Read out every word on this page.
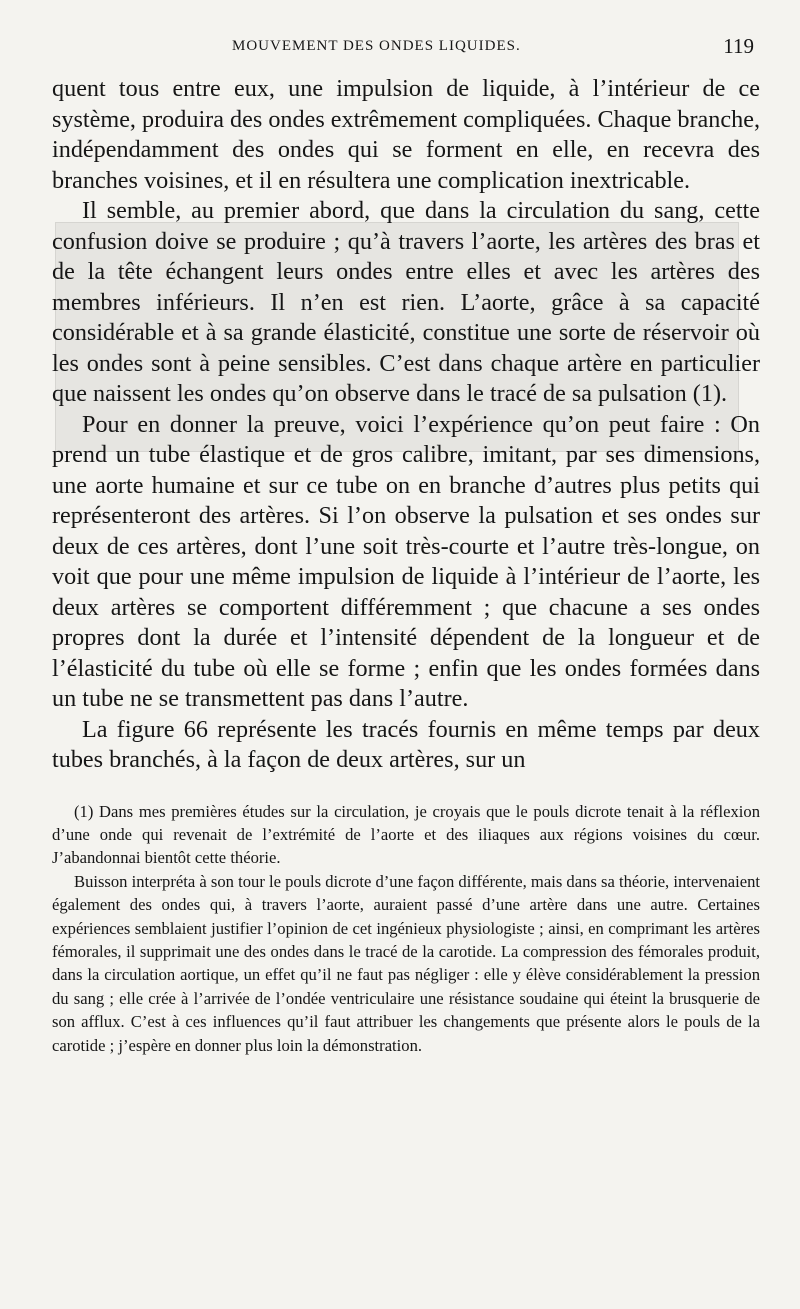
MOUVEMENT DES ONDES LIQUIDES.	119

quent tous entre eux, une impulsion de liquide, à l’intérieur de ce système, produira des ondes extrêmement compliquées. Chaque branche, indépendamment des ondes qui se forment en elle, en recevra des branches voisines, et il en résultera une complication inextricable.

Il semble, au premier abord, que dans la circulation du sang, cette confusion doive se produire ; qu’à travers l’aorte, les artères des bras et de la tête échangent leurs ondes entre elles et avec les artères des membres inférieurs. Il n’en est rien. L’aorte, grâce à sa capacité considérable et à sa grande élasticité, constitue une sorte de réservoir où les ondes sont à peine sensibles. C’est dans chaque artère en particulier que naissent les ondes qu’on observe dans le tracé de sa pulsation (1).

Pour en donner la preuve, voici l’expérience qu’on peut faire : On prend un tube élastique et de gros calibre, imitant, par ses dimensions, une aorte humaine et sur ce tube on en branche d’autres plus petits qui représenteront des artères. Si l’on observe la pulsation et ses ondes sur deux de ces artères, dont l’une soit très-courte et l’autre très-longue, on voit que pour une même impulsion de liquide à l’intérieur de l’aorte, les deux artères se comportent différemment ; que chacune a ses ondes propres dont la durée et l’intensité dépendent de la longueur et de l’élasticité du tube où elle se forme ; enfin que les ondes formées dans un tube ne se transmettent pas dans l’autre.

La figure 66 représente les tracés fournis en même temps par deux tubes branchés, à la façon de deux artères, sur un

(1) Dans mes premières études sur la circulation, je croyais que le pouls dicrote tenait à la réflexion d’une onde qui revenait de l’extrémité de l’aorte et des iliaques aux régions voisines du cœur. J’abandonnai bientôt cette théorie.

Buisson interpréta à son tour le pouls dicrote d’une façon différente, mais dans sa théorie, intervenaient également des ondes qui, à travers l’aorte, auraient passé d’une artère dans une autre. Certaines expériences semblaient justifier l’opinion de cet ingénieux physiologiste ; ainsi, en comprimant les artères fémorales, il supprimait une des ondes dans le tracé de la carotide. La compression des fémorales produit, dans la circulation aortique, un effet qu’il ne faut pas négliger : elle y élève considérablement la pression du sang ; elle crée à l’arrivée de l’ondée ventriculaire une résistance soudaine qui éteint la brusquerie de son afflux. C’est à ces influences qu’il faut attribuer les changements que présente alors le pouls de la carotide ; j’espère en donner plus loin la démonstration.
